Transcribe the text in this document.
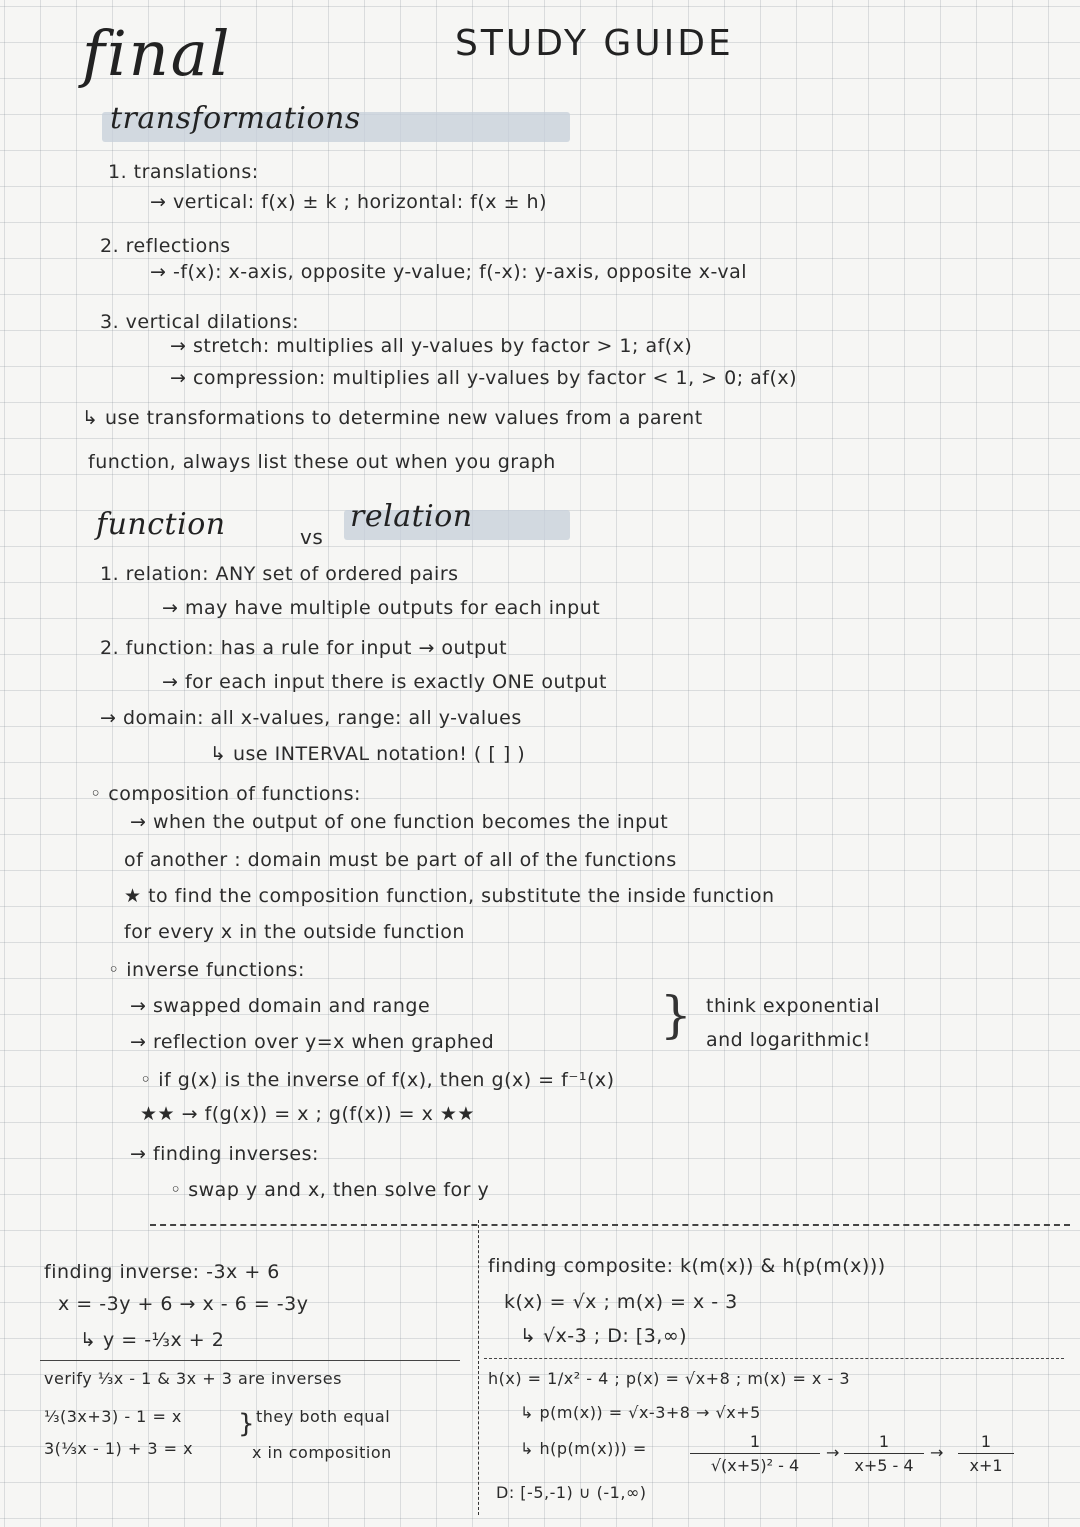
final	STUDY GUIDE
transformations
1. translations:
→ vertical: f(x) ± k ; horizontal: f(x ± h)
2. reflections
→ -f(x): x-axis, opposite y-value; f(-x): y-axis, opposite x-val
3. vertical dilations:
→ stretch: multiplies all y-values by factor > 1; af(x)
→ compression: multiplies all y-values by factor < 1, > 0; af(x)
↳ use transformations to determine new values from a parent
function, always list these out when you graph
function	vs
relation
1. relation: ANY set of ordered pairs
→ may have multiple outputs for each input
2. function: has a rule for input → output
→ for each input there is exactly ONE output
→ domain: all x-values, range: all y-values
↳ use INTERVAL notation! ( [ ] )
◦ composition of functions:
→ when the output of one function becomes the input
of another : domain must be part of all of the functions
★ to find the composition function, substitute the inside function
for every x in the outside function
◦ inverse functions:
→ swapped domain and range
→ reflection over y=x when graphed	} think exponential
and logarithmic!
◦ if g(x) is the inverse of f(x), then g(x) = f⁻¹(x)
★★ → f(g(x)) = x ; g(f(x)) = x ★★
→ finding inverses:
◦ swap y and x, then solve for y
finding inverse: -3x + 6
x = -3y + 6 → x - 6 = -3y
↳ y = -⅓x + 2
verify ⅓x - 1 & 3x + 3 are inverses
⅓(3x+3) - 1 = x
3(⅓x - 1) + 3 = x
} they both equal
x in composition
finding composite: k(m(x)) & h(p(m(x)))
k(x) = √x ; m(x) = x - 3
↳ √x-3 ; D: [3,∞)
h(x) = 1/x² - 4 ; p(x) = √x+8 ; m(x) = x - 3
↳ p(m(x)) = √x-3+8 → √x+5
↳ h(p(m(x))) =	1
√(x+5)² - 4
→
1
x+5 - 4
→
1
x+1
D: [-5,-1) ∪ (-1,∞)
